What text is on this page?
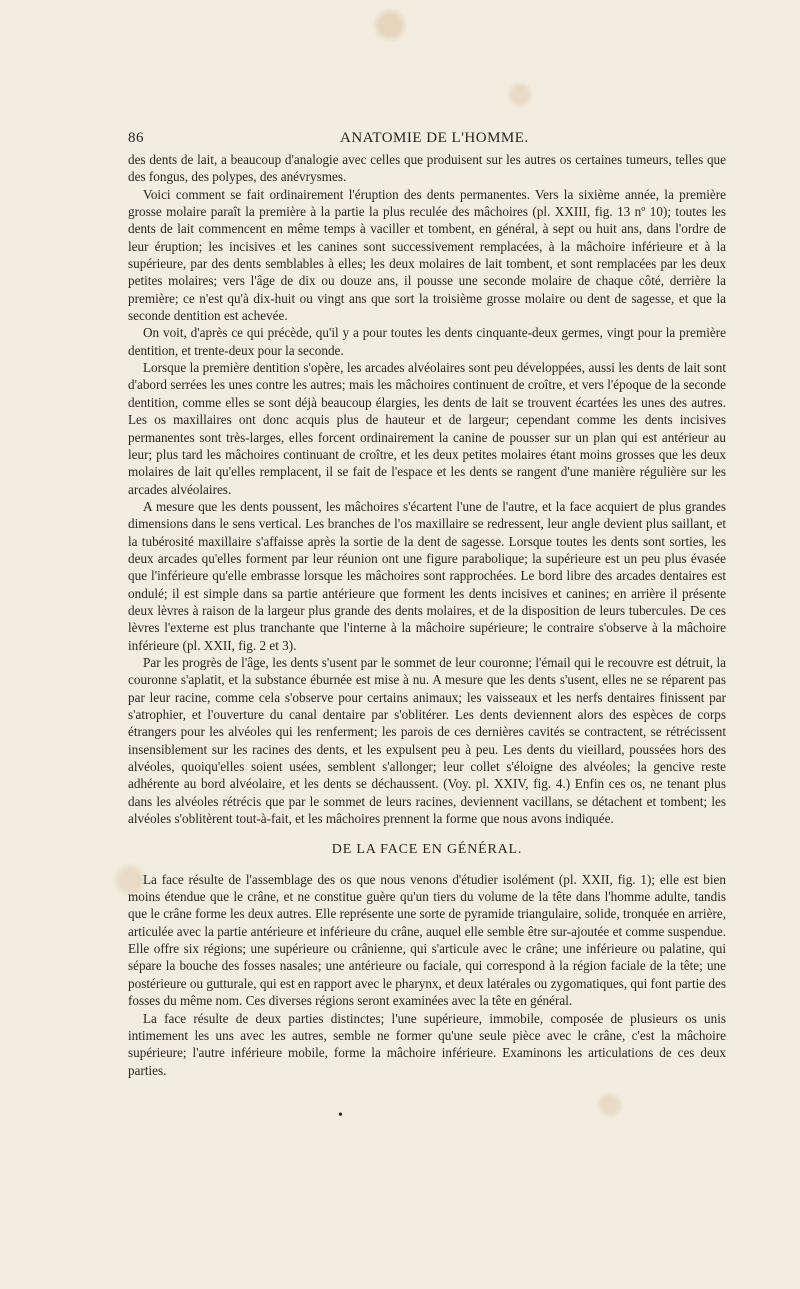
86	ANATOMIE DE L'HOMME.

des dents de lait, a beaucoup d'analogie avec celles que produisent sur les autres os certaines tumeurs, telles que des fongus, des polypes, des anévrysmes.

Voici comment se fait ordinairement l'éruption des dents permanentes. Vers la sixième année, la première grosse molaire paraît la première à la partie la plus reculée des mâchoires (pl. XXIII, fig. 13 nº 10); toutes les dents de lait commencent en même temps à vaciller et tombent, en général, à sept ou huit ans, dans l'ordre de leur éruption; les incisives et les canines sont successivement remplacées, à la mâchoire inférieure et à la supérieure, par des dents semblables à elles; les deux molaires de lait tombent, et sont remplacées par les deux petites molaires; vers l'âge de dix ou douze ans, il pousse une seconde molaire de chaque côté, derrière la première; ce n'est qu'à dix-huit ou vingt ans que sort la troisième grosse molaire ou dent de sagesse, et que la seconde dentition est achevée.

On voit, d'après ce qui précède, qu'il y a pour toutes les dents cinquante-deux germes, vingt pour la première dentition, et trente-deux pour la seconde.

Lorsque la première dentition s'opère, les arcades alvéolaires sont peu développées, aussi les dents de lait sont d'abord serrées les unes contre les autres; mais les mâchoires continuent de croître, et vers l'époque de la seconde dentition, comme elles se sont déjà beaucoup élargies, les dents de lait se trouvent écartées les unes des autres. Les os maxillaires ont donc acquis plus de hauteur et de largeur; cependant comme les dents incisives permanentes sont très-larges, elles forcent ordinairement la canine de pousser sur un plan qui est antérieur au leur; plus tard les mâchoires continuant de croître, et les deux petites molaires étant moins grosses que les deux molaires de lait qu'elles remplacent, il se fait de l'espace et les dents se rangent d'une manière régulière sur les arcades alvéolaires.

A mesure que les dents poussent, les mâchoires s'écartent l'une de l'autre, et la face acquiert de plus grandes dimensions dans le sens vertical. Les branches de l'os maxillaire se redressent, leur angle devient plus saillant, et la tubérosité maxillaire s'affaisse après la sortie de la dent de sagesse. Lorsque toutes les dents sont sorties, les deux arcades qu'elles forment par leur réunion ont une figure parabolique; la supérieure est un peu plus évasée que l'inférieure qu'elle embrasse lorsque les mâchoires sont rapprochées. Le bord libre des arcades dentaires est ondulé; il est simple dans sa partie antérieure que forment les dents incisives et canines; en arrière il présente deux lèvres à raison de la largeur plus grande des dents molaires, et de la disposition de leurs tubercules. De ces lèvres l'externe est plus tranchante que l'interne à la mâchoire supérieure; le contraire s'observe à la mâchoire inférieure (pl. XXII, fig. 2 et 3).

Par les progrès de l'âge, les dents s'usent par le sommet de leur couronne; l'émail qui le recouvre est détruit, la couronne s'aplatit, et la substance éburnée est mise à nu. A mesure que les dents s'usent, elles ne se réparent pas par leur racine, comme cela s'observe pour certains animaux; les vaisseaux et les nerfs dentaires finissent par s'atrophier, et l'ouverture du canal dentaire par s'oblitérer. Les dents deviennent alors des espèces de corps étrangers pour les alvéoles qui les renferment; les parois de ces dernières cavités se contractent, se rétrécissent insensiblement sur les racines des dents, et les expulsent peu à peu. Les dents du vieillard, poussées hors des alvéoles, quoiqu'elles soient usées, semblent s'allonger; leur collet s'éloigne des alvéoles; la gencive reste adhérente au bord alvéolaire, et les dents se déchaussent. (Voy. pl. XXIV, fig. 4.) Enfin ces os, ne tenant plus dans les alvéoles rétrécis que par le sommet de leurs racines, deviennent vacillans, se détachent et tombent; les alvéoles s'oblitèrent tout-à-fait, et les mâchoires prennent la forme que nous avons indiquée.

DE LA FACE EN GÉNÉRAL.

La face résulte de l'assemblage des os que nous venons d'étudier isolément (pl. XXII, fig. 1); elle est bien moins étendue que le crâne, et ne constitue guère qu'un tiers du volume de la tête dans l'homme adulte, tandis que le crâne forme les deux autres. Elle représente une sorte de pyramide triangulaire, solide, tronquée en arrière, articulée avec la partie antérieure et inférieure du crâne, auquel elle semble être sur-ajoutée et comme suspendue. Elle offre six régions; une supérieure ou crânienne, qui s'articule avec le crâne; une inférieure ou palatine, qui sépare la bouche des fosses nasales; une antérieure ou faciale, qui correspond à la région faciale de la tête; une postérieure ou gutturale, qui est en rapport avec le pharynx, et deux latérales ou zygomatiques, qui font partie des fosses du même nom. Ces diverses régions seront examinées avec la tête en général.

La face résulte de deux parties distinctes; l'une supérieure, immobile, composée de plusieurs os unis intimement les uns avec les autres, semble ne former qu'une seule pièce avec le crâne, c'est la mâchoire supérieure; l'autre inférieure mobile, forme la mâchoire inférieure. Examinons les articulations de ces deux parties.

•
